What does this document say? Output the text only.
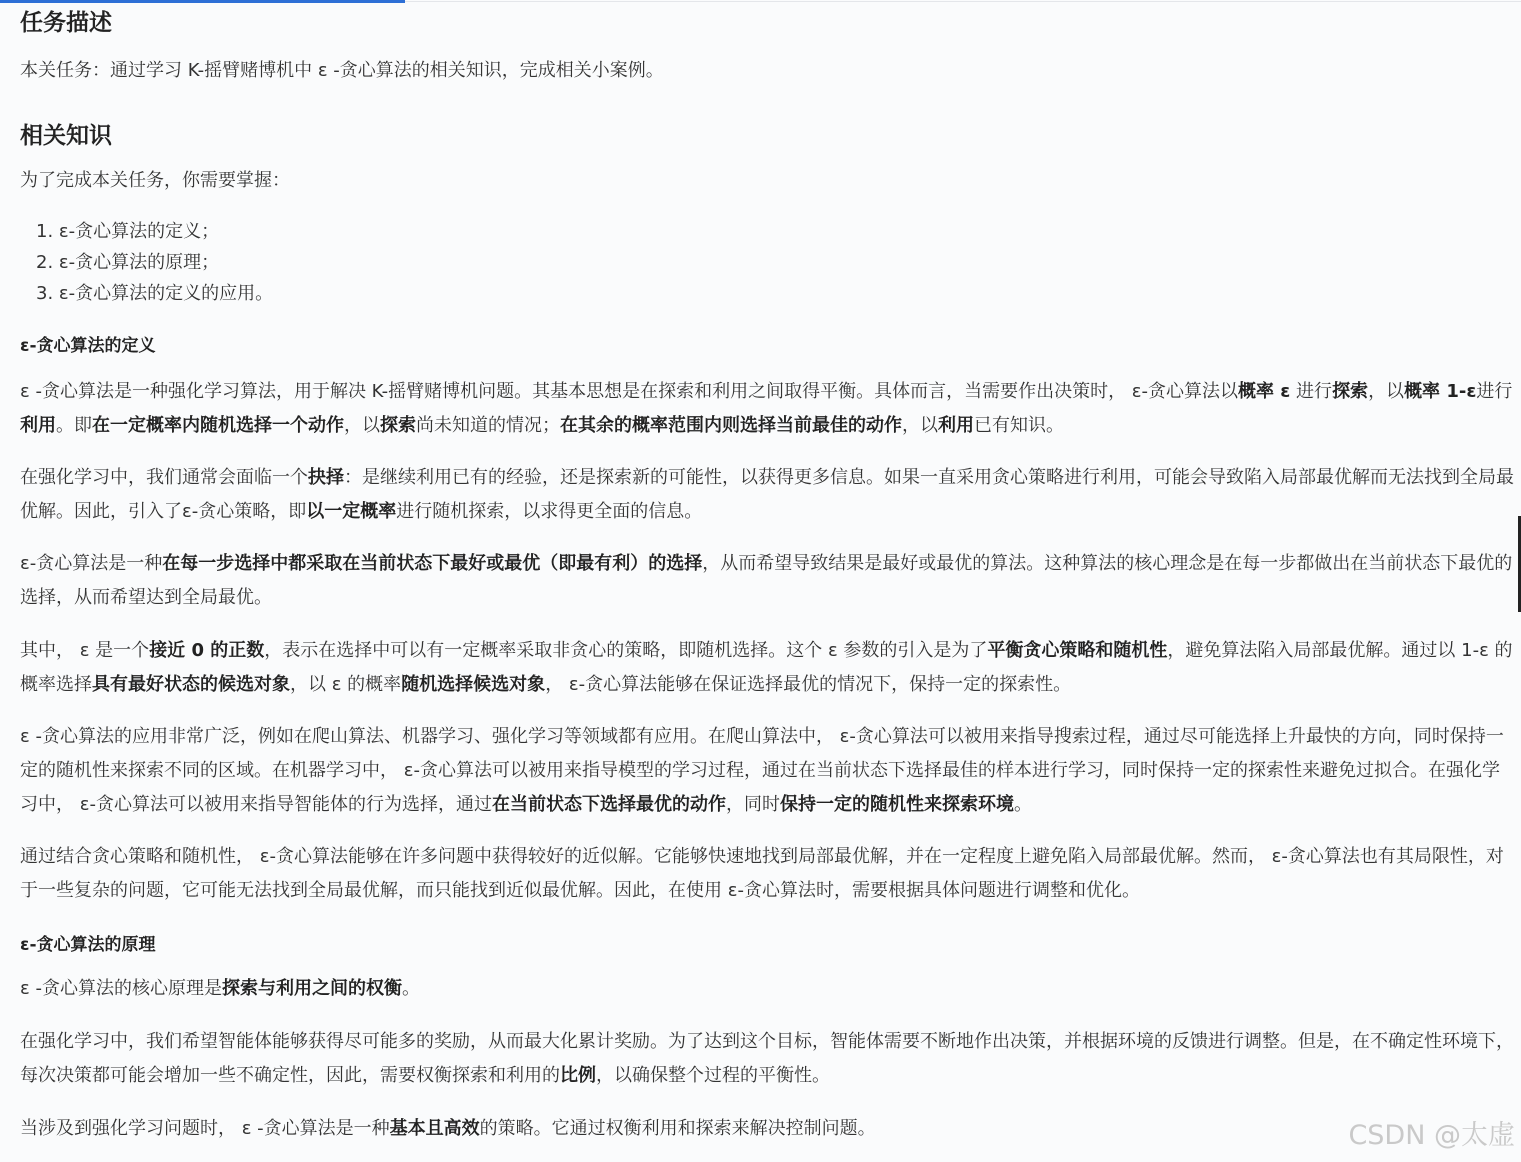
任务描述

本关任务：通过学习 K-摇臂赌博机中 ε -贪心算法的相关知识，完成相关小案例。

相关知识

为了完成本关任务，你需要掌握：

1. ε-贪心算法的定义；
2. ε-贪心算法的原理；
3. ε-贪心算法的定义的应用。
ε-贪心算法的定义

ε -贪心算法是一种强化学习算法，用于解决 K-摇臂赌博机问题。其基本思想是在探索和利用之间取得平衡。具体而言，当需要作出决策时， ε-贪心算法以概率 ε 进行探索，以概率 1-ε进行利用。即在一定概率内随机选择一个动作，以探索尚未知道的情况；在其余的概率范围内则选择当前最佳的动作，以利用已有知识。

在强化学习中，我们通常会面临一个抉择：是继续利用已有的经验，还是探索新的可能性，以获得更多信息。如果一直采用贪心策略进行利用，可能会导致陷入局部最优解而无法找到全局最优解。因此，引入了ε-贪心策略，即以一定概率进行随机探索，以求得更全面的信息。

ε-贪心算法是一种在每一步选择中都采取在当前状态下最好或最优（即最有利）的选择，从而希望导致结果是最好或最优的算法。这种算法的核心理念是在每一步都做出在当前状态下最优的选择，从而希望达到全局最优。

其中， ε 是一个接近 0 的正数，表示在选择中可以有一定概率采取非贪心的策略，即随机选择。这个 ε 参数的引入是为了平衡贪心策略和随机性，避免算法陷入局部最优解。通过以 1-ε 的概率选择具有最好状态的候选对象，以 ε 的概率随机选择候选对象， ε-贪心算法能够在保证选择最优的情况下，保持一定的探索性。

ε -贪心算法的应用非常广泛，例如在爬山算法、机器学习、强化学习等领域都有应用。在爬山算法中， ε-贪心算法可以被用来指导搜索过程，通过尽可能选择上升最快的方向，同时保持一定的随机性来探索不同的区域。在机器学习中， ε-贪心算法可以被用来指导模型的学习过程，通过在当前状态下选择最佳的样本进行学习，同时保持一定的探索性来避免过拟合。在强化学习中， ε-贪心算法可以被用来指导智能体的行为选择，通过在当前状态下选择最优的动作，同时保持一定的随机性来探索环境。

通过结合贪心策略和随机性， ε-贪心算法能够在许多问题中获得较好的近似解。它能够快速地找到局部最优解，并在一定程度上避免陷入局部最优解。然而， ε-贪心算法也有其局限性，对于一些复杂的问题，它可能无法找到全局最优解，而只能找到近似最优解。因此，在使用 ε-贪心算法时，需要根据具体问题进行调整和优化。

ε-贪心算法的原理

ε -贪心算法的核心原理是探索与利用之间的权衡。

在强化学习中，我们希望智能体能够获得尽可能多的奖励，从而最大化累计奖励。为了达到这个目标，智能体需要不断地作出决策，并根据环境的反馈进行调整。但是，在不确定性环境下，每次决策都可能会增加一些不确定性，因此，需要权衡探索和利用的比例，以确保整个过程的平衡性。

当涉及到强化学习问题时， ε -贪心算法是一种基本且高效的策略。它通过权衡利用和探索来解决控制问题。	CSDN @太虚
